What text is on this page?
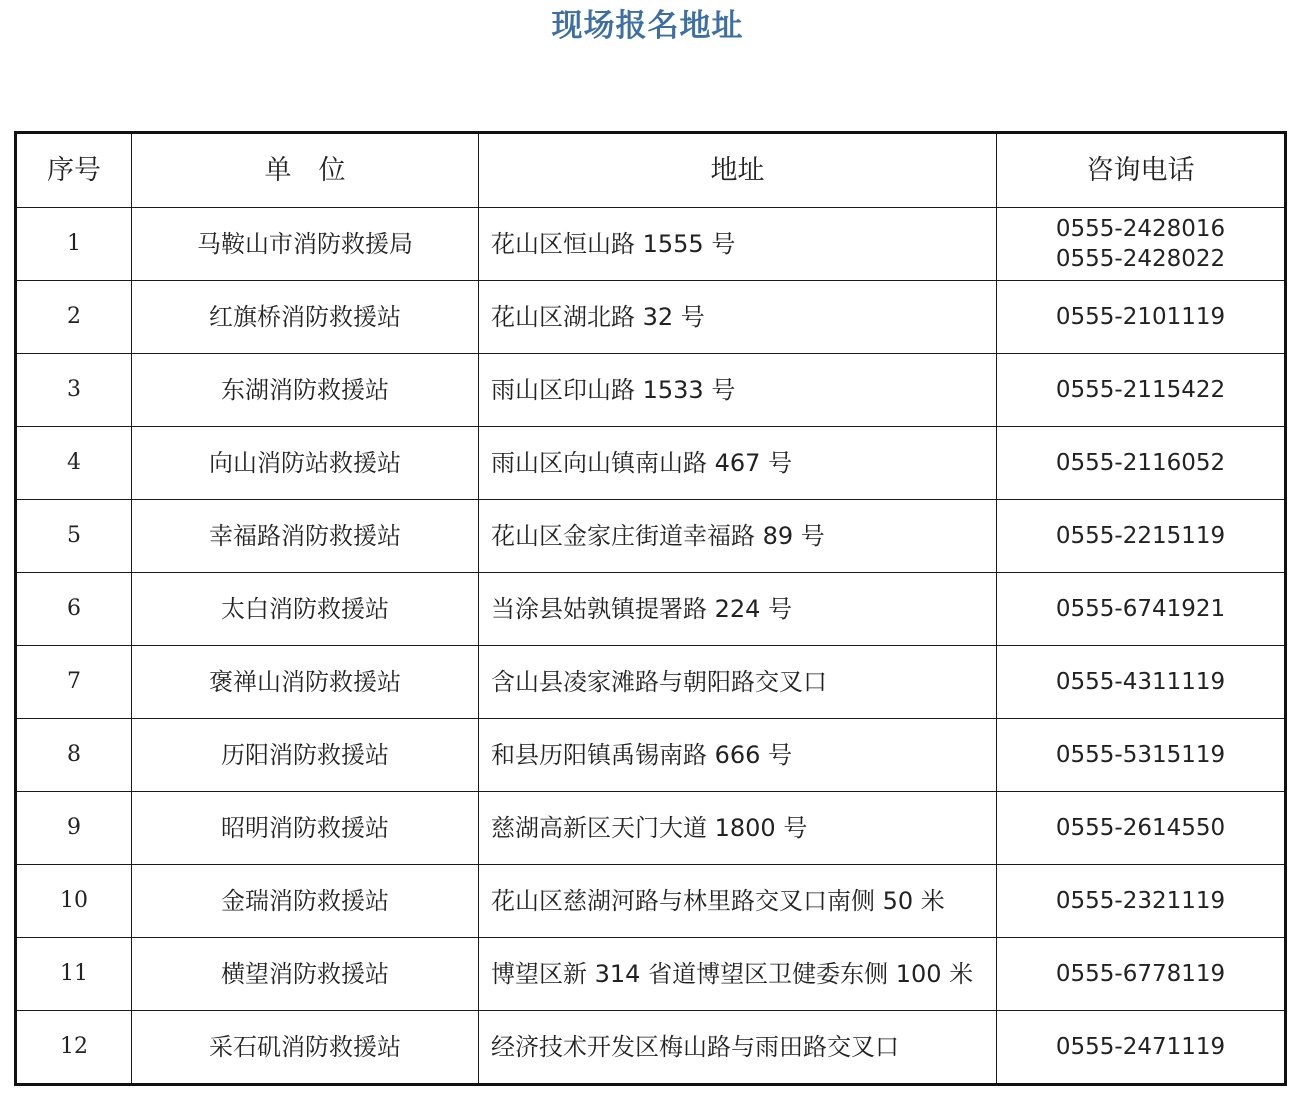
现场报名地址
序号	单　位	地址	咨询电话
1	马鞍山市消防救援局	花山区恒山路 1555 号	0555-2428016
0555-2428022

2	红旗桥消防救援站	花山区湖北路 32 号	0555-2101119

3	东湖消防救援站	雨山区印山路 1533 号	0555-2115422

4	向山消防站救援站	雨山区向山镇南山路 467 号	0555-2116052

5	幸福路消防救援站	花山区金家庄街道幸福路 89 号	0555-2215119

6	太白消防救援站	当涂县姑孰镇提署路 224 号	0555-6741921

7	褒禅山消防救援站	含山县凌家滩路与朝阳路交叉口	0555-4311119

8	历阳消防救援站	和县历阳镇禹锡南路 666 号	0555-5315119

9	昭明消防救援站	慈湖高新区天门大道 1800 号	0555-2614550

10	金瑞消防救援站	花山区慈湖河路与林里路交叉口南侧 50 米	0555-2321119

11	横望消防救援站	博望区新 314 省道博望区卫健委东侧 100 米	0555-6778119

12	采石矶消防救援站	经济技术开发区梅山路与雨田路交叉口	0555-2471119
